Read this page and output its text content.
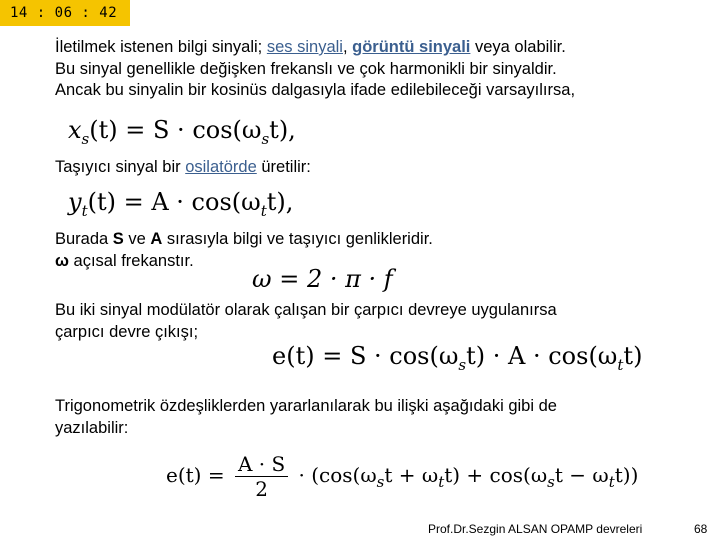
14 : 06 : 42
İletilmek istenen bilgi sinyali; ses sinyali, görüntü sinyali veya olabilir.
Bu sinyal genellikle değişken frekanslı ve çok harmonikli bir sinyaldir.
Ancak bu sinyalin bir kosinüs dalgasıyla ifade edilebileceği varsayılırsa,
$x_s(t) = S \cdot \cos(\omega_st)$,
Taşıyıcı sinyal bir osilatörde üretilir:
$y_t(t) = A \cdot \cos(\omega_tt)$,
Burada S ve A sırasıyla bilgi ve taşıyıcı genlikleridir.
ω açısal frekanstır.
ω = 2 · π · f
Bu iki sinyal modülatör olarak çalışan bir çarpıcı devreye uygulanırsa
çarpıcı devre çıkışı;
$e(t) = S \cdot \cos(\omega_st) \cdot A \cdot \cos(\omega_tt)$
Trigonometrik özdeşliklerden yararlanılarak bu ilişki aşağıdaki gibi de
yazılabilir:
$e(t) = \frac{A \cdot S}{2} \cdot (\cos(\omega_st + \omega_tt) + \cos(\omega_st - \omega_tt))$
Prof.Dr.Sezgin ALSAN OPAMP devreleri	68
